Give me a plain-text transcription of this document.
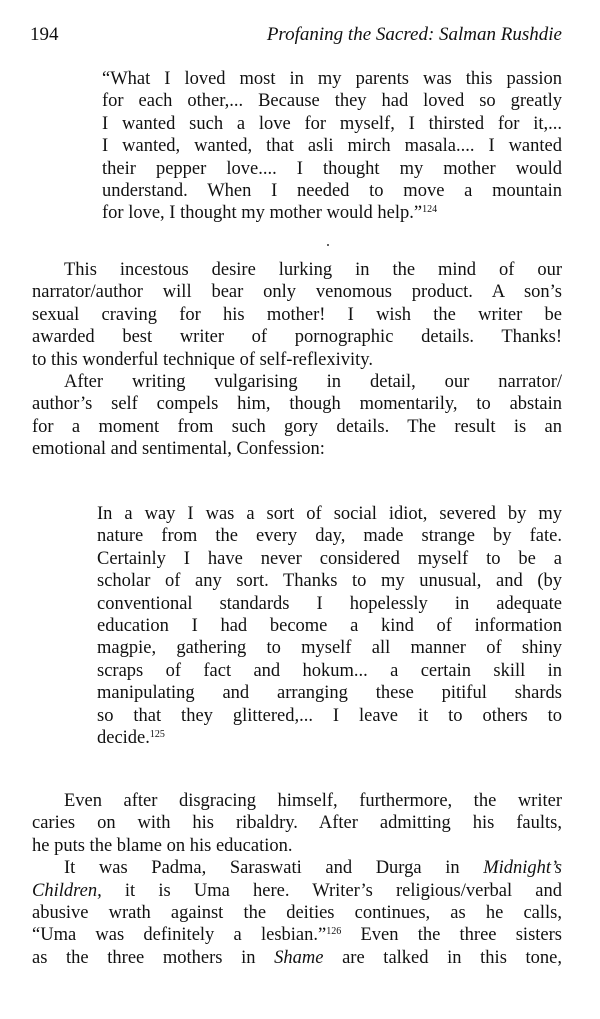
194	Profaning the Sacred: Salman Rushdie
“What I loved most in my parents was this passion
for each other,... Because they had loved so greatly
I wanted such a love for myself, I thirsted for it,...
I wanted, wanted, that asli mirch masala.... I wanted
their pepper love.... I thought my mother would
understand. When I needed to move a mountain
for love, I thought my mother would help.”$^{124}$
This incestous desire lurking in the mind of our
narrator/author will bear only venomous product. A son’s
sexual craving for his mother! I wish the writer be
awarded best writer of pornographic details. Thanks!
to this wonderful technique of self-reflexivity.
After writing vulgarising in detail, our narrator/
author’s self compels him, though momentarily, to abstain
for a moment from such gory details. The result is an
emotional and sentimental, Confession:
In a way I was a sort of social idiot, severed by my
nature from the every day, made strange by fate.
Certainly I have never considered myself to be a
scholar of any sort. Thanks to my unusual, and (by
conventional standards I hopelessly in adequate
education I had become a kind of information
magpie, gathering to myself all manner of shiny
scraps of fact and hokum... a certain skill in
manipulating and arranging these pitiful shards
so that they glittered,... I leave it to others to
decide.$^{125}$
Even after disgracing himself, furthermore, the writer
caries on with his ribaldry. After admitting his faults,
he puts the blame on his education.
It was Padma, Saraswati and Durga in Midnight’s
Children, it is Uma here. Writer’s religious/verbal and
abusive wrath against the deities continues, as he calls,
“Uma was definitely a lesbian.”$^{126}$ Even the three sisters
as the three mothers in Shame are talked in this tone,
